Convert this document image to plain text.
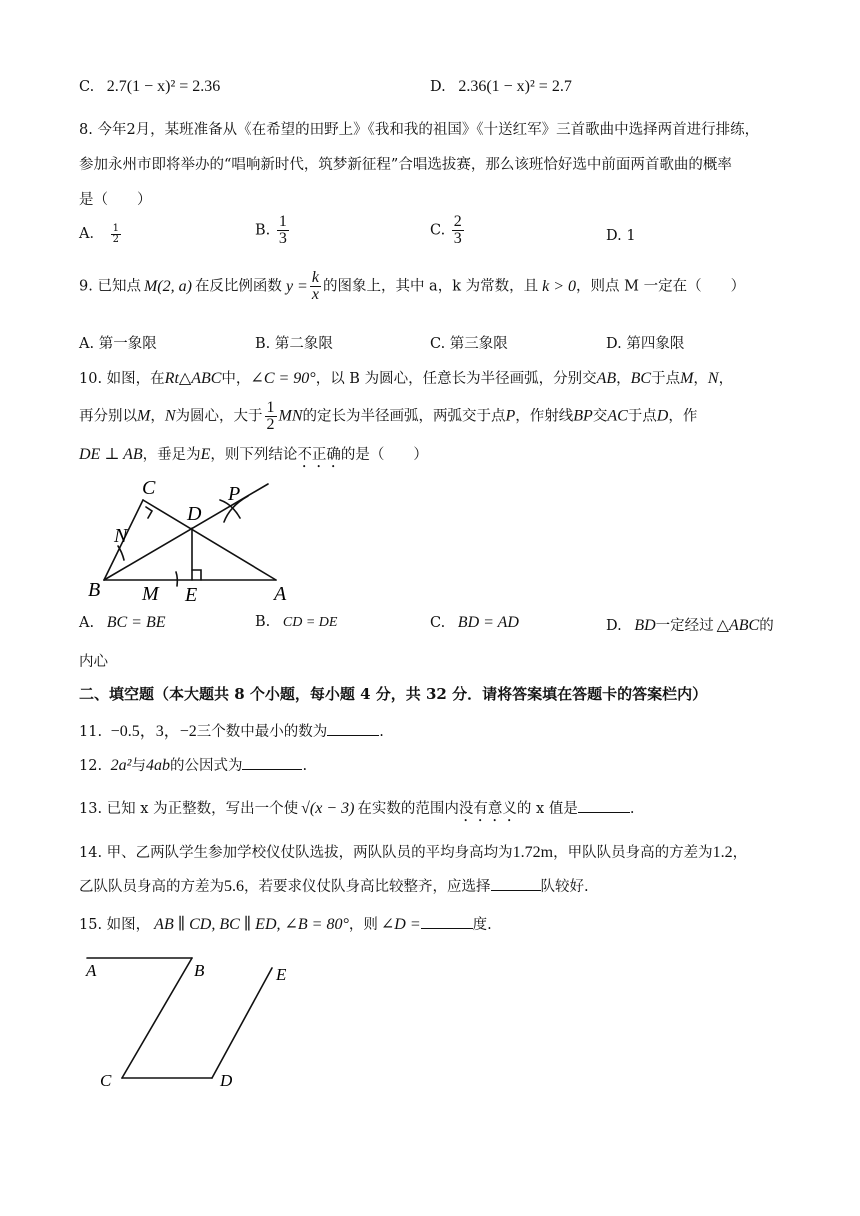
C. 2.7(1 − x)² = 2.36	D. 2.36(1 − x)² = 2.7
8. 今年2月，某班准备从《在希望的田野上》《我和我的祖国》《十送红军》三首歌曲中选择两首进行排练，
参加永州市即将举办的“唱响新时代，筑梦新征程”合唱选拔赛，那么该班恰好选中前面两首歌曲的概率
是（　　）
A． $\frac{1}{2}$	B. $\frac{1}{3}$	C. $\frac{2}{3}$	D. 1
9. 已知点 M(2, a) 在反比例函数 $y = \frac{k}{x}$ 的图象上，其中 a，k 为常数，且 k > 0，则点 M 一定在（　　）
A. 第一象限	B. 第二象限	C. 第三象限	D. 第四象限
10. 如图，在Rt△ABC中，∠C = 90°，以 B 为圆心，任意长为半径画弧，分别交AB，BC于点M，N，
再分别以M，N为圆心，大于 $\frac{1}{2}$ MN的定长为半径画弧，两弧交于点P，作射线BP交AC于点D，作
DE ⊥ AB，垂足为E，则下列结论不正确的是（　　）
C
D
P
N
B M E	A
A. BC = BE	B. CD = DE	C. BD = AD	D. BD一定经过 △ABC的
内心
二、填空题（本大题共 8 个小题，每小题 4 分，共 32 分．请将答案填在答题卡的答案栏内）
11. −0.5，3，−2三个数中最小的数为	.
12. 2a²与4ab的公因式为	.
13. 已知 x 为正整数，写出一个使 √(x − 3) 在实数的范围内没有意义的 x 值是	.
14. 甲、乙两队学生参加学校仪仗队选拔，两队队员的平均身高均为1.72m，甲队队员身高的方差为1.2，
乙队队员身高的方差为5.6，若要求仪仗队身高比较整齐，应选择	队较好.
15. 如图， AB ∥ CD, BC ∥ ED, ∠B = 80°，则 ∠D =	度.
A	B
C	D
E
